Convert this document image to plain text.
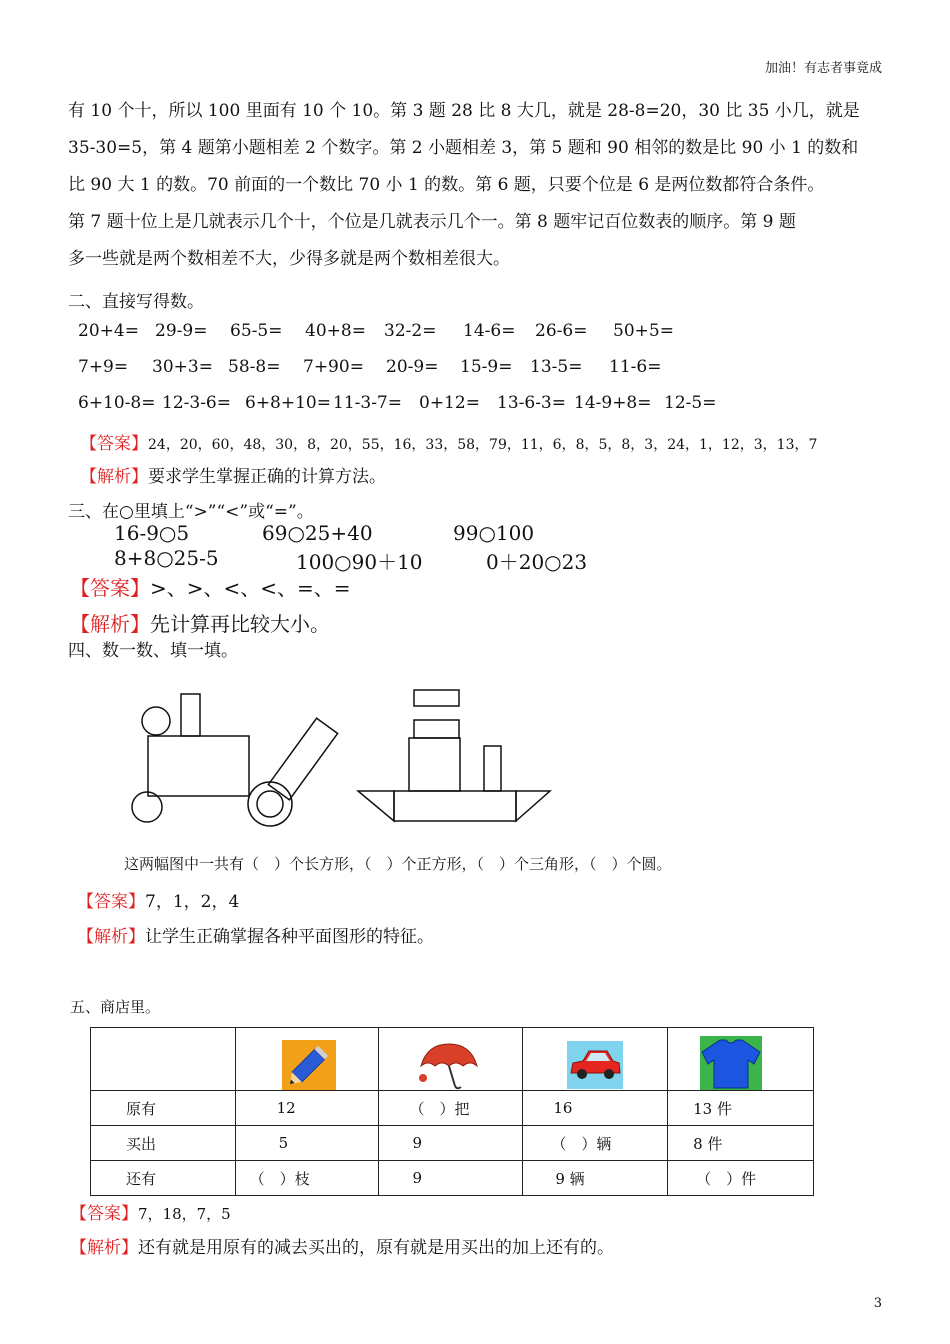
加油！有志者事竟成
有 10 个十，所以 100 里面有 10 个 10。第 3 题 28 比 8 大几，就是 28-8=20，30 比 35 小几，就是
35-30=5，第 4 题第小题相差 2 个数字。第 2 小题相差 3，第 5 题和 90 相邻的数是比 90 小 1 的数和
比 90 大 1 的数。70 前面的一个数比 70 小 1 的数。第 6 题，只要个位是 6 是两位数都符合条件。
第 7 题十位上是几就表示几个十，个位是几就表示几个一。第 8 题牢记百位数表的顺序。第 9 题
多一些就是两个数相差不大，少得多就是两个数相差很大。
二、直接写得数。
20+4= 29-9= 65-5= 40+8= 32-2= 14-6= 26-6= 50+5=
7+9= 30+3= 58-8= 7+90= 20-9= 15-9= 13-5= 11-6=
6+10-8= 12-3-6= 6+8+10= 11-3-7= 0+12= 13-6-3= 14-9+8= 12-5=
【答案】24，20，60，48，30，8，20，55，16，33，58，79，11，6，8，5，8，3，24，1，12，3，13，7
【解析】要求学生掌握正确的计算方法。
三、在○里填上“>”“<”或“=”。
16-9○5	69○25+40	99○100
8+8○25-5	100○90＋10	0＋20○23
【答案】>、>、<、<、=、=
【解析】先计算再比较大小。
四、数一数、填一填。
这两幅图中一共有（　）个长方形，（　）个正方形，（　）个三角形，（　）个圆。
【答案】7，1，2，4
【解析】让学生正确掌握各种平面图形的特征。
五、商店里。

原有	12	（　）把	16	13 件
买出	5	9	（　）辆	8 件
还有	（　）枝	9	9 辆	（　）件
【答案】7，18，7，5
【解析】还有就是用原有的减去买出的，原有就是用买出的加上还有的。
3
